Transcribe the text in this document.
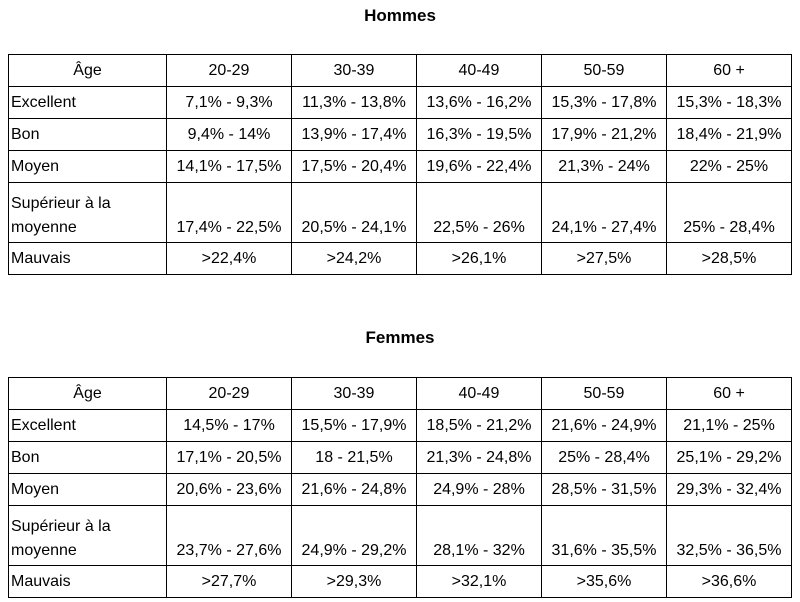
Hommes
Âge	20-29	30-39	40-49	50-59	60 +
Excellent	7,1% - 9,3%	11,3% - 13,8%	13,6% - 16,2%	15,3% - 17,8%	15,3% - 18,3%
Bon	9,4% - 14%	13,9% - 17,4%	16,3% - 19,5%	17,9% - 21,2%	18,4% - 21,9%
Moyen	14,1% - 17,5%	17,5% - 20,4%	19,6% - 22,4%	21,3% - 24%	22% - 25%
Supérieur à la moyenne	17,4% - 22,5%	20,5% - 24,1%	22,5% - 26%	24,1% - 27,4%	25% - 28,4%
Mauvais	>22,4%	>24,2%	>26,1%	>27,5%	>28,5%
Femmes
Âge	20-29	30-39	40-49	50-59	60 +
Excellent	14,5% - 17%	15,5% - 17,9%	18,5% - 21,2%	21,6% - 24,9%	21,1% - 25%
Bon	17,1% - 20,5%	18 - 21,5%	21,3% - 24,8%	25% - 28,4%	25,1% - 29,2%
Moyen	20,6% - 23,6%	21,6% - 24,8%	24,9% - 28%	28,5% - 31,5%	29,3% - 32,4%
Supérieur à la moyenne	23,7% - 27,6%	24,9% - 29,2%	28,1% - 32%	31,6% - 35,5%	32,5% - 36,5%
Mauvais	>27,7%	>29,3%	>32,1%	>35,6%	>36,6%
